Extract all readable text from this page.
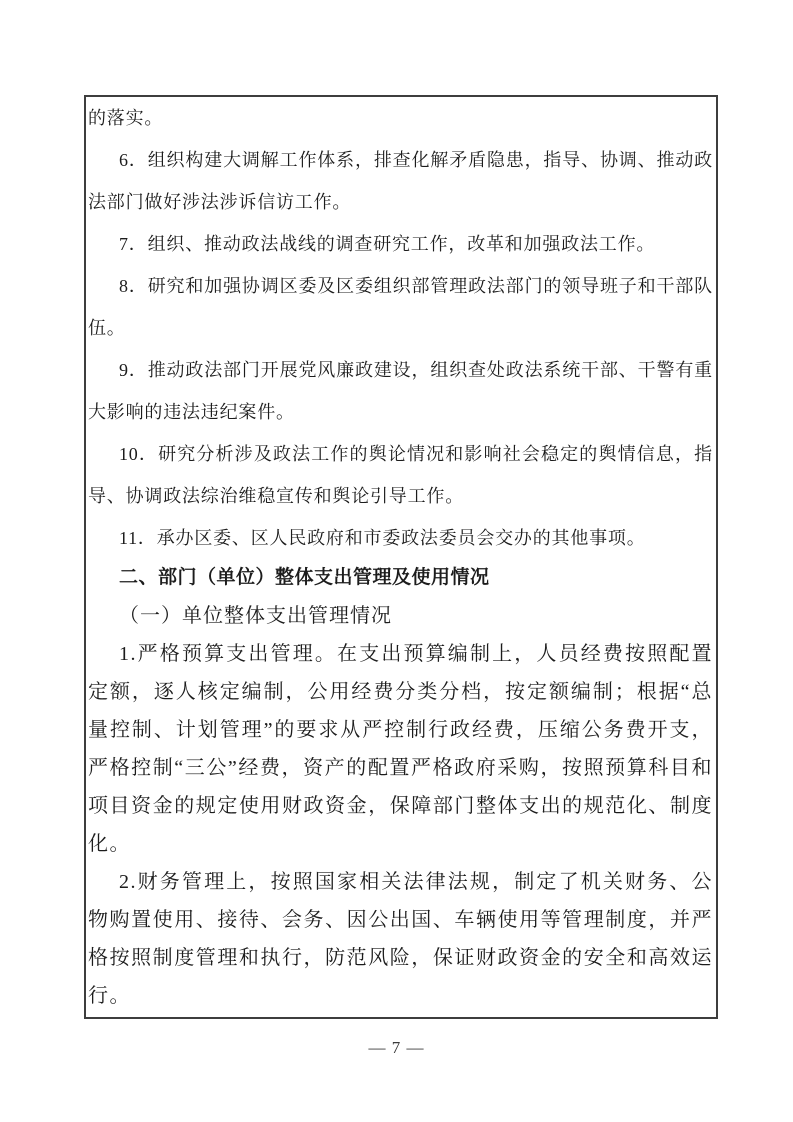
的落实。

6．组织构建大调解工作体系，排查化解矛盾隐患，指导、协调、推动政法部门做好涉法涉诉信访工作。

7．组织、推动政法战线的调查研究工作，改革和加强政法工作。

8．研究和加强协调区委及区委组织部管理政法部门的领导班子和干部队伍。

9．推动政法部门开展党风廉政建设，组织查处政法系统干部、干警有重大影响的违法违纪案件。

10．研究分析涉及政法工作的舆论情况和影响社会稳定的舆情信息，指导、协调政法综治维稳宣传和舆论引导工作。

11．承办区委、区人民政府和市委政法委员会交办的其他事项。

二、部门（单位）整体支出管理及使用情况

（一）单位整体支出管理情况

1.严格预算支出管理。在支出预算编制上，人员经费按照配置定额，逐人核定编制，公用经费分类分档，按定额编制；根据“总量控制、计划管理”的要求从严控制行政经费，压缩公务费开支，严格控制“三公”经费，资产的配置严格政府采购，按照预算科目和项目资金的规定使用财政资金，保障部门整体支出的规范化、制度化。

2.财务管理上，按照国家相关法律法规，制定了机关财务、公物购置使用、接待、会务、因公出国、车辆使用等管理制度，并严格按照制度管理和执行，防范风险，保证财政资金的安全和高效运行。

— 7 —
